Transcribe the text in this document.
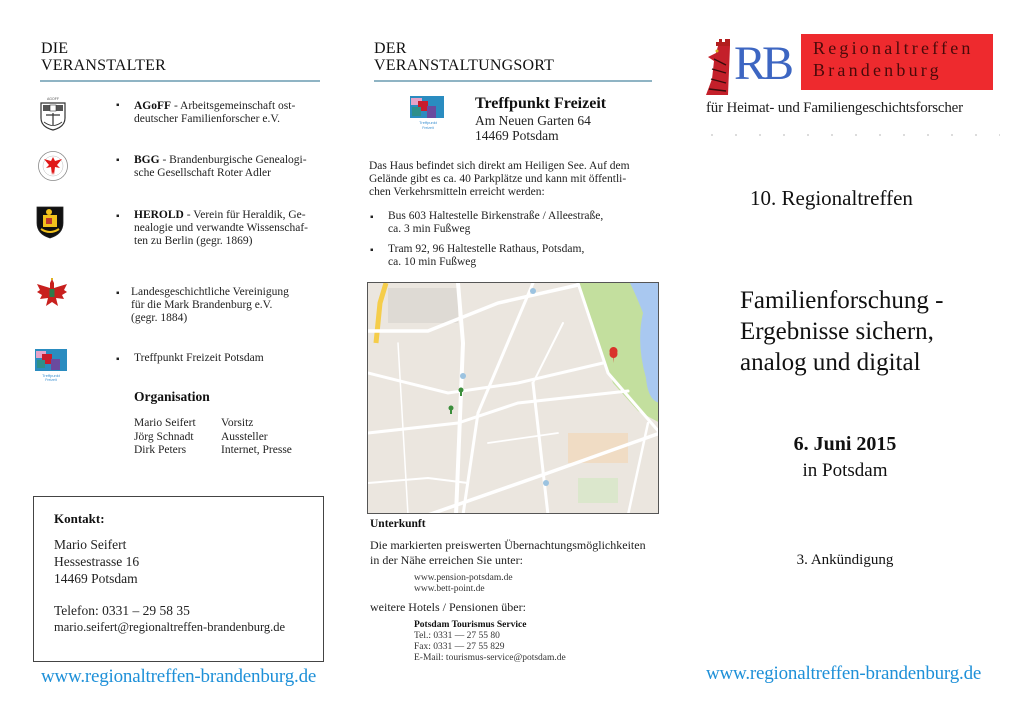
DIE
VERANSTALTER
AGOFF
▪ AGoFF - Arbeitsgemeinschaft ost-
deutscher Familienforscher e.V.
▪ BGG - Brandenburgische Genealogi-
sche Gesellschaft Roter Adler
▪ HEROLD - Verein für Heraldik, Ge-
nealogie und verwandte Wissenschaf-
ten zu Berlin (gegr. 1869)
▪ Landesgeschichtliche Vereinigung
für die Mark Brandenburg e.V.
(gegr. 1884)
Treffpunkt
Freizeit
▪ Treffpunkt Freizeit Potsdam
Organisation
Mario Seifert	Vorsitz
Jörg Schnadt	Aussteller
Dirk Peters	Internet, Presse
Kontakt:
Mario Seifert
Hessestrasse 16
14469 Potsdam
Telefon: 0331 – 29 58 35
mario.seifert@regionaltreffen-brandenburg.de
www.regionaltreffen-brandenburg.de
DER
VERANSTALTUNGSORT
Treffpunkt
Freizeit
Treffpunkt Freizeit
Am Neuen Garten 64
14469 Potsdam
Das Haus befindet sich direkt am Heiligen See. Auf dem
Gelände gibt es ca. 40 Parkplätze und kann mit öffentli-
chen Verkehrsmitteln erreicht werden:
▪ Bus 603 Haltestelle Birkenstraße / Alleestraße,
ca. 3 min Fußweg
▪ Tram 92, 96 Haltestelle Rathaus, Potsdam,
ca. 10 min Fußweg
Unterkunft
Die markierten preiswerten Übernachtungsmöglichkeiten
in der Nähe erreichen Sie unter:
www.pension-potsdam.de
www.bett-point.de
weitere Hotels / Pensionen über:
Potsdam Tourismus Service
Tel.: 0331 — 27 55 80
Fax: 0331 — 27 55 829
E-Mail: tourismus-service@potsdam.de
RB Regionaltreffen
Brandenburg
für Heimat- und Familiengeschichtsforscher
10. Regionaltreffen
Familienforschung -
Ergebnisse sichern,
analog und digital
6. Juni 2015
in Potsdam
3. Ankündigung
www.regionaltreffen-brandenburg.de
